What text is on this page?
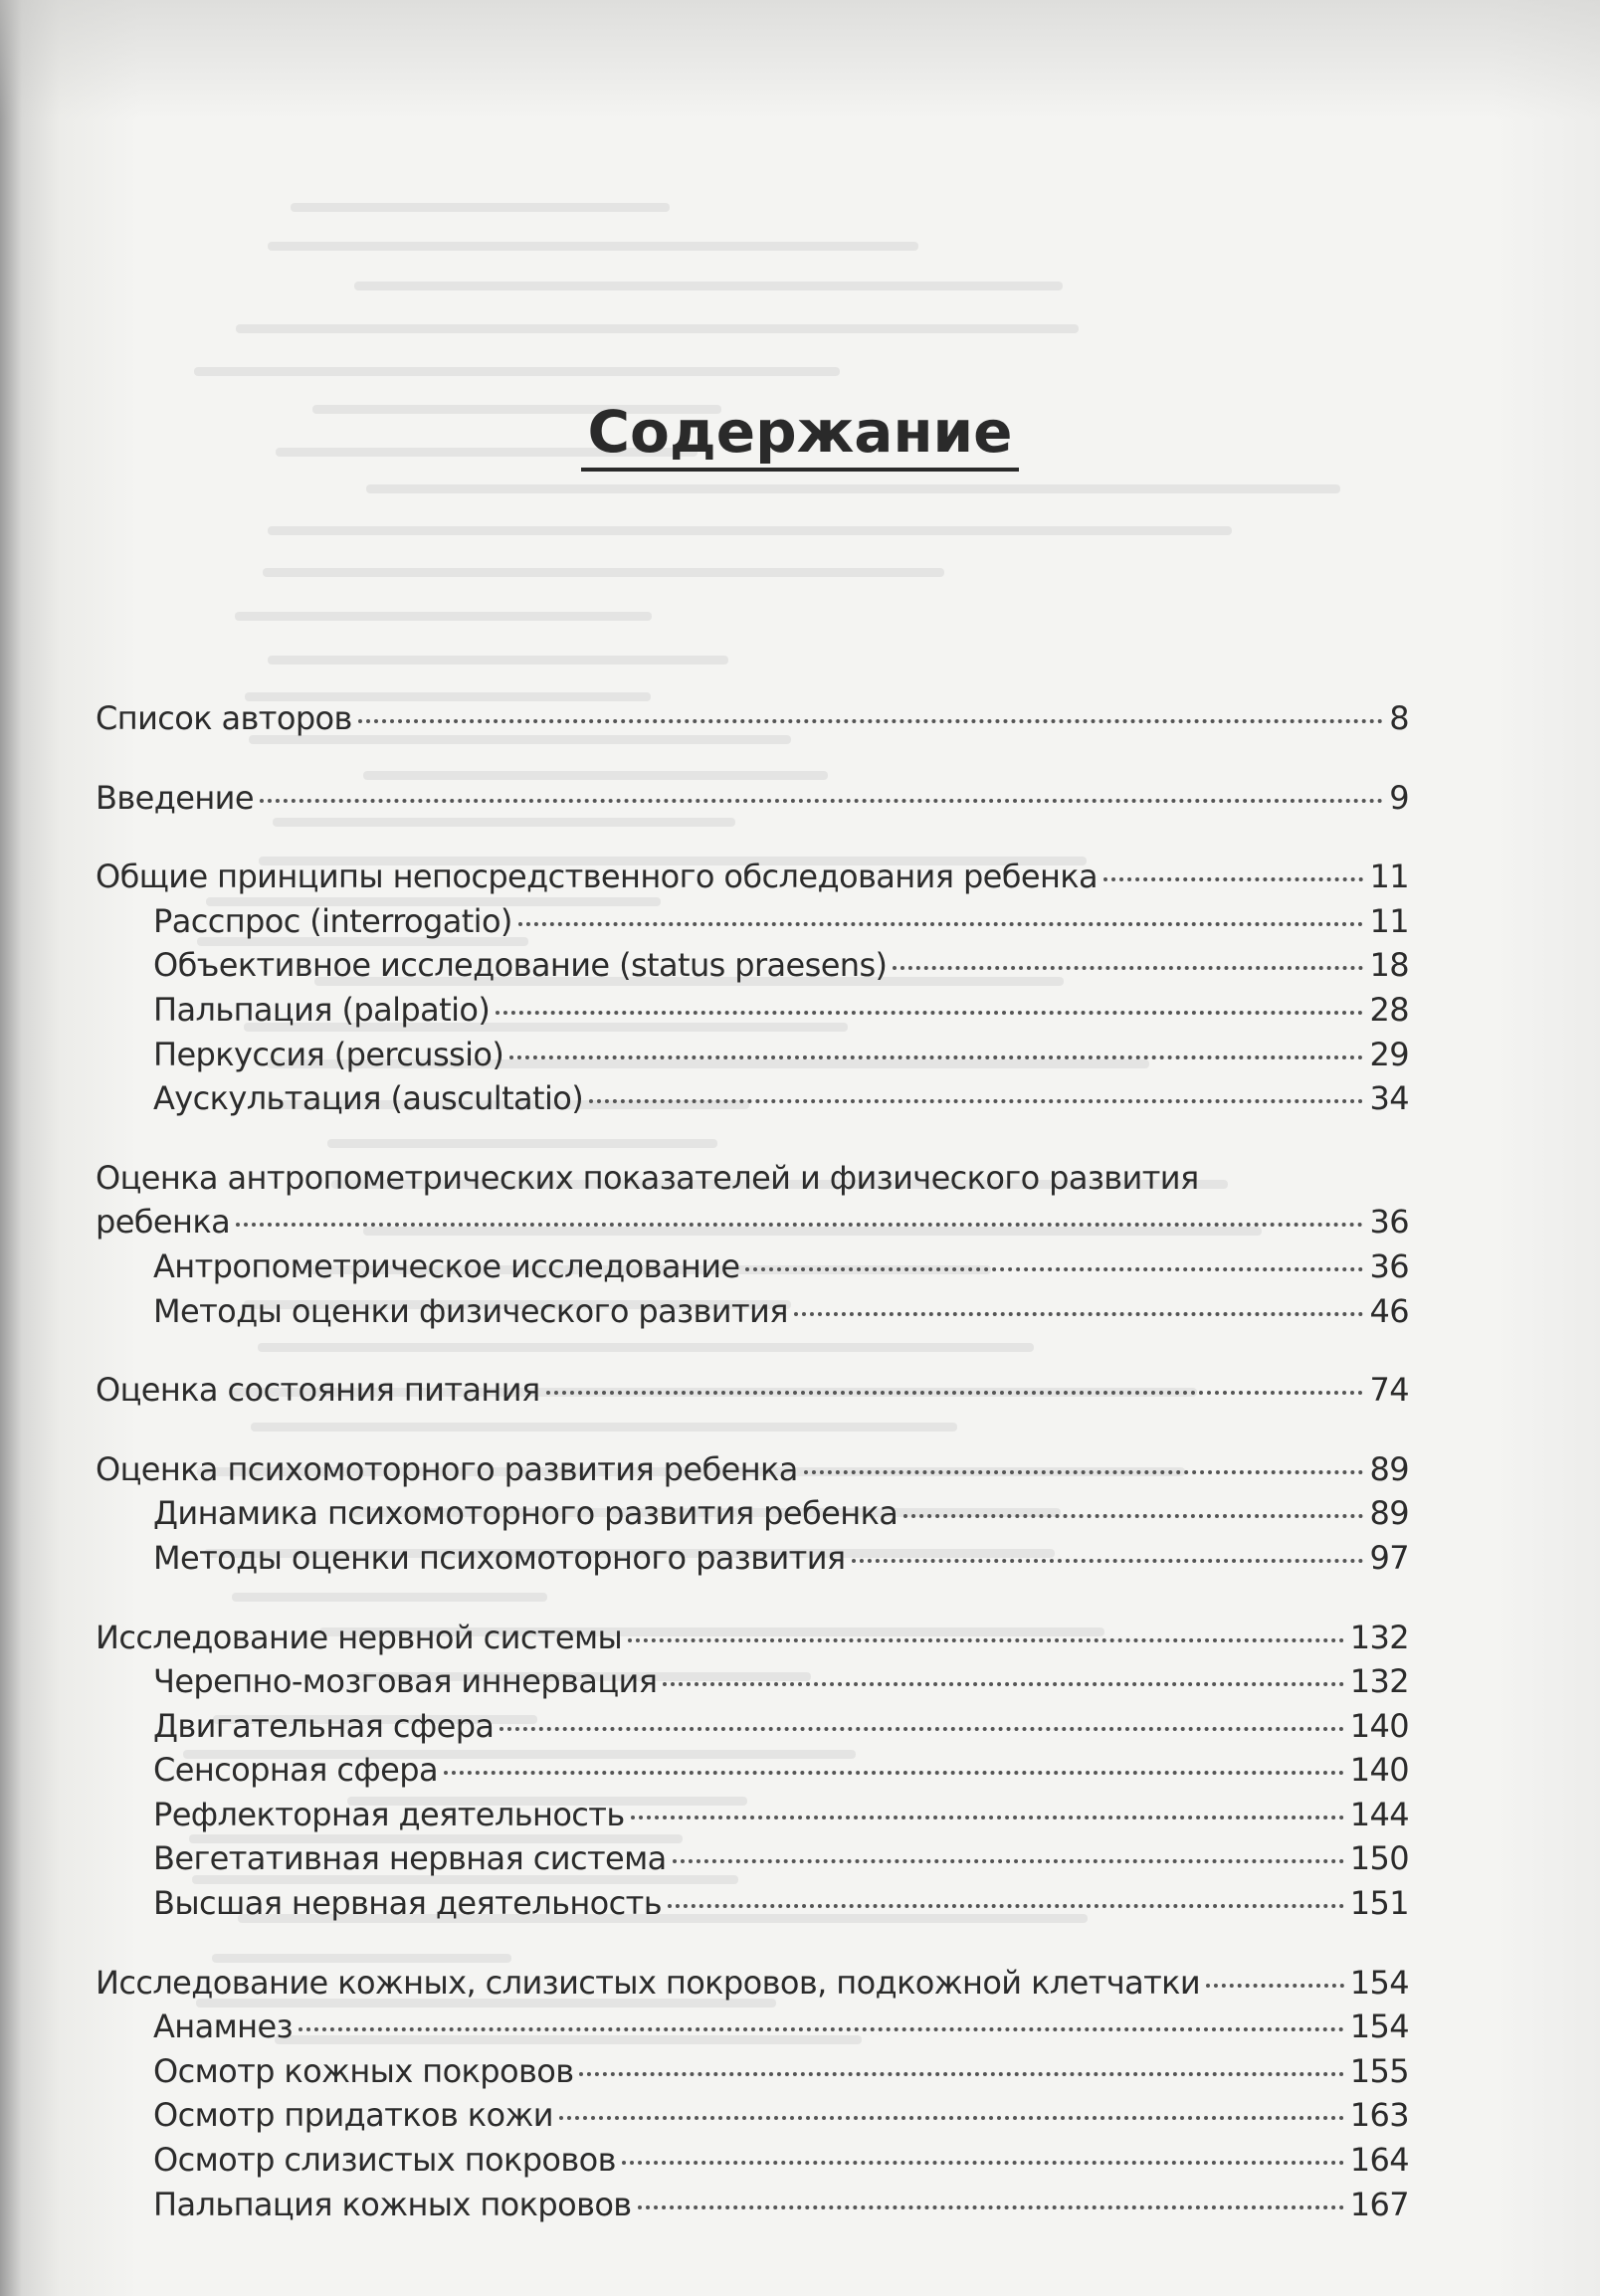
Содержание
Список авторов	8
Введение	9
Общие принципы непосредственного обследования ребенка	11
Расспрос (interrogatio)	11
Объективное исследование (status praesens)	18
Пальпация (palpatio)	28
Перкуссия (percussio)	29
Аускультация (auscultatio)	34
Оценка антропометрических показателей и физического развития
ребенка	36
Антропометрическое исследование	36
Методы оценки физического развития	46
Оценка состояния питания	74
Оценка психомоторного развития ребенка	89
Динамика психомоторного развития ребенка	89
Методы оценки психомоторного развития	97
Исследование нервной системы	132
Черепно-мозговая иннервация	132
Двигательная сфера	140
Сенсорная сфера	140
Рефлекторная деятельность	144
Вегетативная нервная система	150
Высшая нервная деятельность	151
Исследование кожных, слизистых покровов, подкожной клетчатки	154
Анамнез	154
Осмотр кожных покровов	155
Осмотр придатков кожи	163
Осмотр слизистых покровов	164
Пальпация кожных покровов	167
